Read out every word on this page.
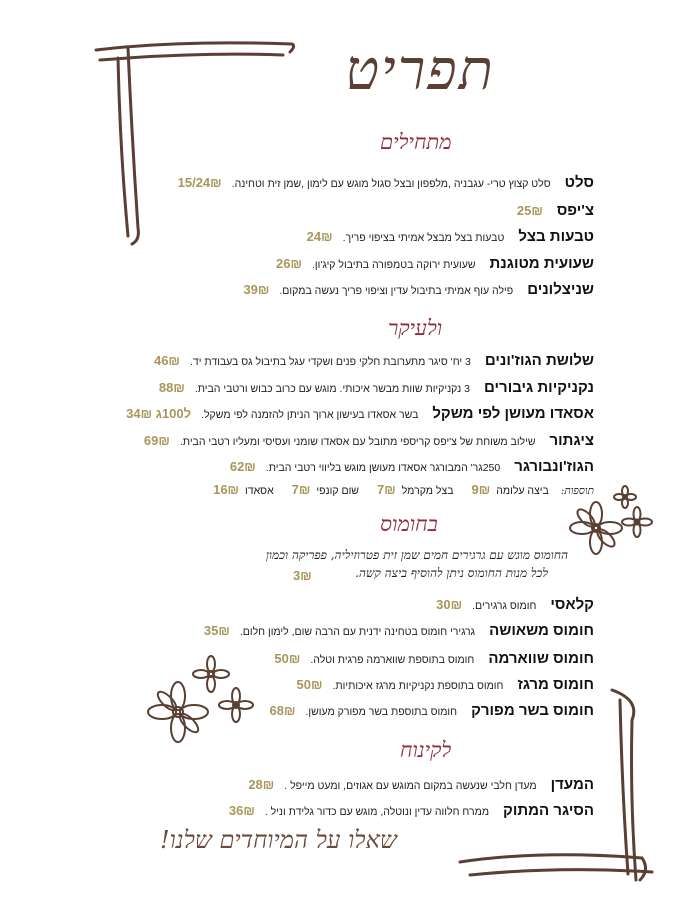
תפריט
מתחילים
סלט
סלט קצוץ טרי- עגבניה ,מלפפון ובצל סגול מוגש עם לימון ,שמן זית וטחינה.
24₪/15
צ'יפס
25₪
טבעות בצל
טבעות בצל מבצל אמיתי בציפוי פריך.
24₪
שעועית מטוגנת
שעועית ירוקה בטמפורה בתיבול קיג'ון.
26₪
שניצלונים
פילה עוף אמיתי בתיבול עדין וציפוי פריך נעשה במקום.
39₪
ולעיקר
שלושת הגוז'ונים
3 יח' סיגר מתערובת חלקי פנים ושקדי עגל בתיבול גס בעבודת יד.
46₪
נקניקיות גיבורים
3 נקניקיות שוות מבשר איכותי. מוגש עם כרוב כבוש ורטבי הבית.
88₪
אסאדו מעושן לפי משקל
בשר אסאדו בעישון ארוך הניתן להזמנה לפי משקל.
ל100ג 34₪
ציגתור
שילוב משוחת של צ'יפס קריספי מתובל עם אסאדו שומני ועסיסי ומעליו רטבי הבית.
69₪
הגוז'ונבורגר
250גר' המבורגר אסאדו מעושן מוגש בליווי רטבי הבית.
62₪
תוספות:
ביצה עלומה
9₪
בצל מקרמל
7₪
שום קונפי
7₪
אסאדו
16₪
בחומוס
החומוס מוגש עם גרגירים חמים שמן זית פטרוזיליה, פפריקה וכמון
לכל מנות החומוס ניתן להוסיף ביצה קשה.
3₪
קלאסי
חומוס גרגירים.
30₪
חומוס משאושה
גרגירי חומוס בטחינה ידנית עם הרבה שום, לימון חלום.
35₪
חומוס שווארמה
חומוס בתוספת שווארמה פרגית וטלה.
50₪
חומוס מרגז
חומוס בתוספת נקניקיות מרגז איכותיות.
50₪
חומוס בשר מפורק
חומוס בתוספת בשר מפורק מעושן.
68₪
לקינוח
המעדן
מעדן חלבי שנעשה במקום המוגש עם אגוזים, ומעט מייפל .
28₪
הסיגר המתוק
ממרח חלווה עדין ונוטלה, מוגש עם כדור גלידת וניל .
36₪
שאלו על המיוחדים שלנו!
